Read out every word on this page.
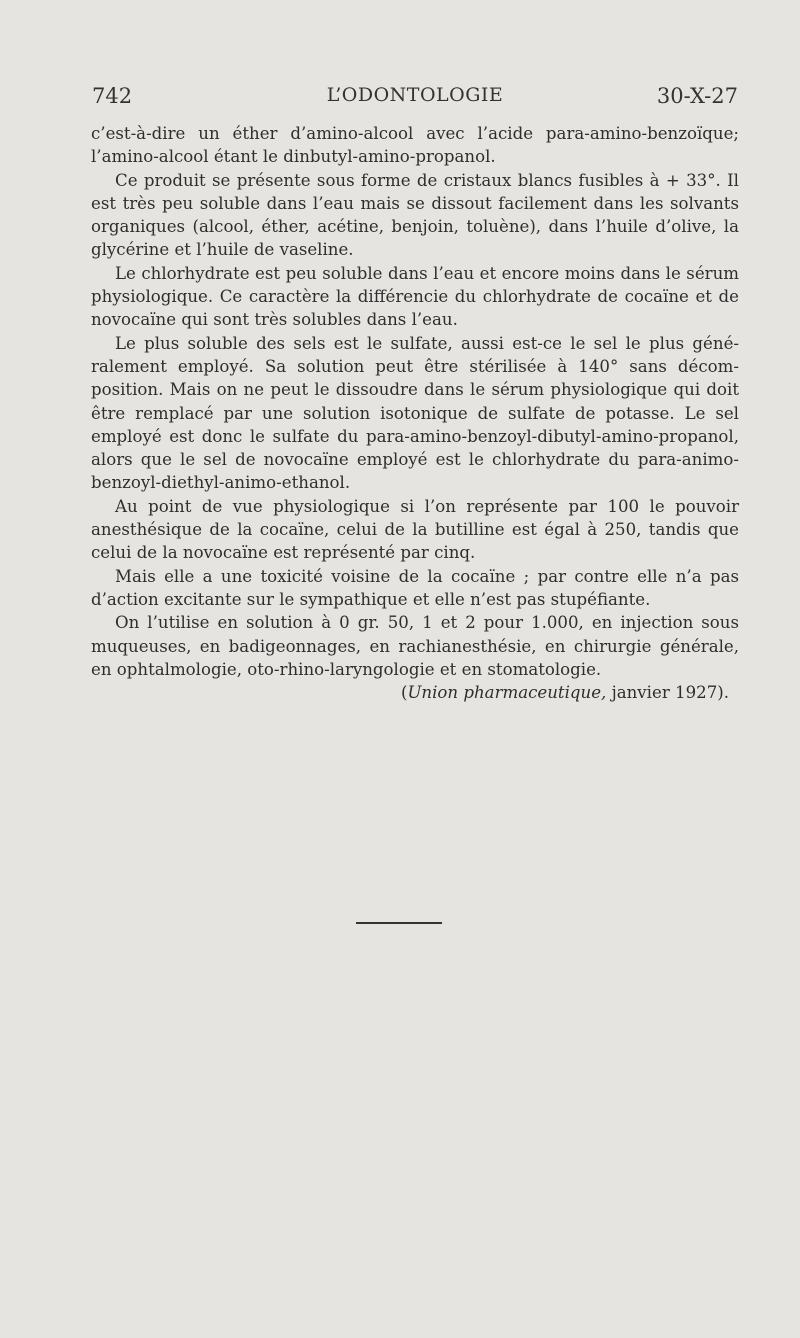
742	L’ODONTOLOGIE	30-X-27

c’est-à-dire un éther d’amino-alcool avec l’acide para-amino-benzoïque; l’amino-alcool étant le dinbutyl-amino-propanol.

Ce produit se présente sous forme de cristaux blancs fusibles à + 33°. Il est très peu soluble dans l’eau mais se dissout facilement dans les solvants organiques (alcool, éther, acétine, benjoin, toluène), dans l’huile d’olive, la glycérine et l’huile de vaseline.

Le chlorhydrate est peu soluble dans l’eau et encore moins dans le sérum physiologique. Ce caractère la différencie du chlorhydrate de cocaïne et de novocaïne qui sont très solubles dans l’eau.

Le plus soluble des sels est le sulfate, aussi est-ce le sel le plus généralement employé. Sa solution peut être stérilisée à 140° sans décomposition. Mais on ne peut le dissoudre dans le sérum physiologique qui doit être remplacé par une solution isotonique de sulfate de potasse. Le sel employé est donc le sulfate du para-amino-benzoyl-dibutyl-amino-propanol, alors que le sel de novocaïne employé est le chlorhydrate du para-animo-benzoyl-diethyl-animo-ethanol.

Au point de vue physiologique si l’on représente par 100 le pouvoir anesthésique de la cocaïne, celui de la butilline est égal à 250, tandis que celui de la novocaïne est représenté par cinq.

Mais elle a une toxicité voisine de la cocaïne ; par contre elle n’a pas d’action excitante sur le sympathique et elle n’est pas stupéfiante.

On l’utilise en solution à 0 gr. 50, 1 et 2 pour 1.000, en injection sous muqueuses, en badigeonnages, en rachianesthésie, en chirurgie générale, en ophtalmologie, oto-rhino-laryngologie et en stomatologie.

(Union pharmaceutique, janvier 1927).
